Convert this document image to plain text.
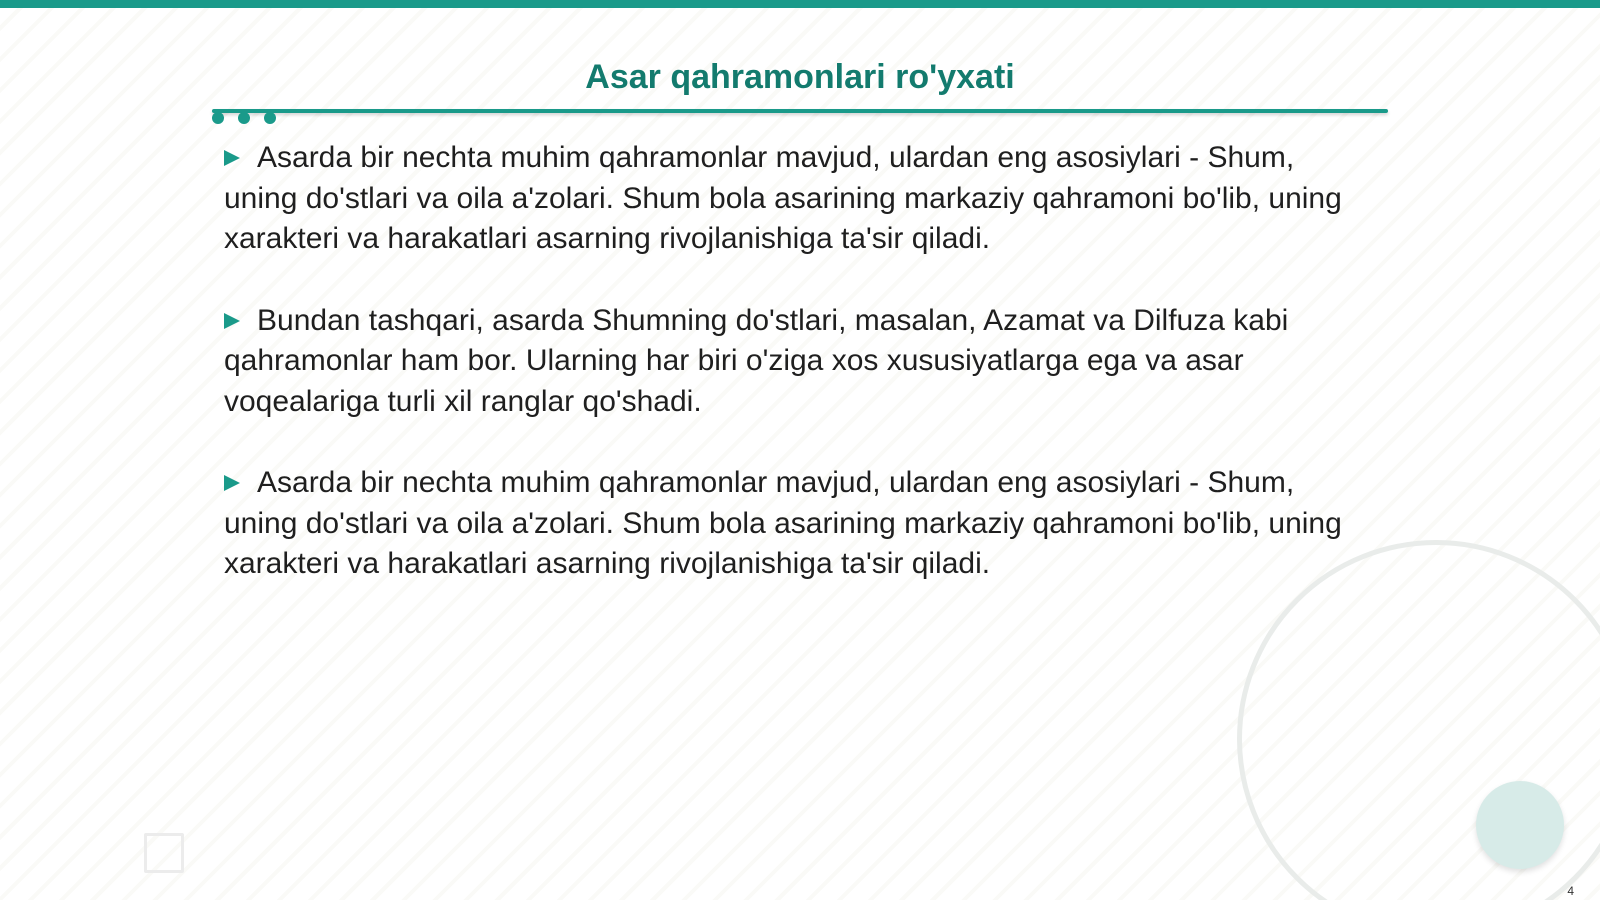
Asar qahramonlari ro'yxati
Asarda bir nechta muhim qahramonlar mavjud, ulardan eng asosiylari - Shum, uning do'stlari va oila a'zolari. Shum bola asarining markaziy qahramoni bo'lib, uning xarakteri va harakatlari asarning rivojlanishiga ta'sir qiladi.
Bundan tashqari, asarda Shumning do'stlari, masalan, Azamat va Dilfuza kabi qahramonlar ham bor. Ularning har biri o'ziga xos xususiyatlarga ega va asar voqealariga turli xil ranglar qo'shadi.
Asarda bir nechta muhim qahramonlar mavjud, ulardan eng asosiylari - Shum, uning do'stlari va oila a'zolari. Shum bola asarining markaziy qahramoni bo'lib, uning xarakteri va harakatlari asarning rivojlanishiga ta'sir qiladi.
4
